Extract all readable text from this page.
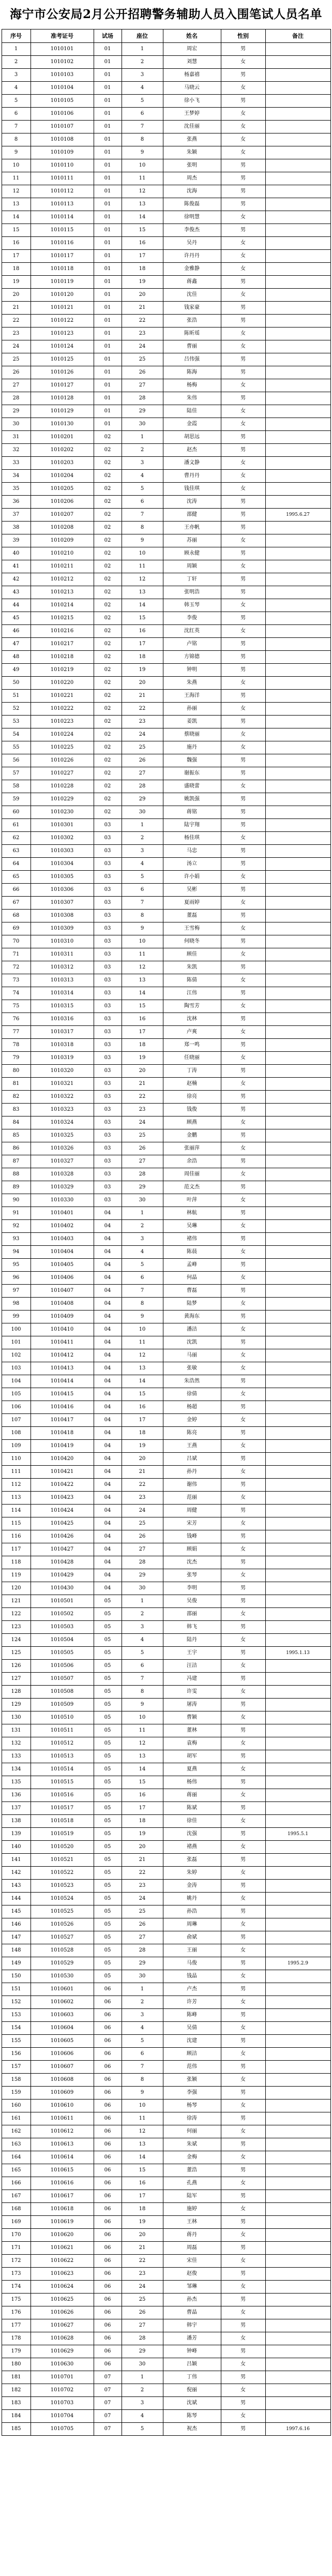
海宁市公安局2月公开招聘警务辅助人员入围笔试人员名单
序号	准考证号	试场	座位	姓名	性别	备注
1	1010101	01	1	周宏	男	
2	1010102	01	2	刘慧	女	
3	1010103	01	3	杨嘉禧	男	
4	1010104	01	4	马晓云	女	
5	1010105	01	5	徐小飞	男	
6	1010106	01	6	王梦婷	女	
7	1010107	01	7	沈佳丽	女	
8	1010108	01	8	张燕	女	
9	1010109	01	9	朱颖	女	
10	1010110	01	10	张明	男	
11	1010111	01	11	周杰	男	
12	1010112	01	12	沈海	男	
13	1010113	01	13	陈俊磊	男	
14	1010114	01	14	徐明慧	女	
15	1010115	01	15	李俊杰	男	
16	1010116	01	16	吴丹	女	
17	1010117	01	17	许丹丹	女	
18	1010118	01	18	金雅静	女	
19	1010119	01	19	蒋鑫	男	
20	1010120	01	20	沈佳	女	
21	1010121	01	21	钱家豪	男	
22	1010122	01	22	张浩	男	
23	1010123	01	23	陈昕瑶	女	
24	1010124	01	24	曹丽	女	
25	1010125	01	25	吕伟强	男	
26	1010126	01	26	陈海	男	
27	1010127	01	27	杨梅	女	
28	1010128	01	28	朱伟	男	
29	1010129	01	29	陆佳	女	
30	1010130	01	30	金霞	女	
31	1010201	02	1	胡思远	男	
32	1010202	02	2	赵杰	男	
33	1010203	02	3	潘文静	女	
34	1010204	02	4	曹丹丹	女	
35	1010205	02	5	钱佳琪	女	
36	1010206	02	6	沈涛	男	
37	1010207	02	7	邵健	男	1995.6.27
38	1010208	02	8	王亦帆	男	
39	1010209	02	9	苏丽	女	
40	1010210	02	10	顾永健	男	
41	1010211	02	11	周颖	女	
42	1010212	02	12	丁轩	男	
43	1010213	02	13	张明浩	男	
44	1010214	02	14	韩玉琴	女	
45	1010215	02	15	李俊	男	
46	1010216	02	16	沈红英	女	
47	1010217	02	17	卢铭	男	
48	1010218	02	18	方锦德	男	
49	1010219	02	19	钟明	男	
50	1010220	02	20	朱燕	女	
51	1010221	02	21	王海洋	男	
52	1010222	02	22	孙丽	女	
53	1010223	02	23	姜凯	男	
54	1010224	02	24	蔡晓丽	女	
55	1010225	02	25	施丹	女	
56	1010226	02	26	魏强	男	
57	1010227	02	27	谢振东	男	
58	1010228	02	28	盛晓蕾	女	
59	1010229	02	29	姚凯强	男	
60	1010230	02	30	蒋铭	男	
61	1010301	03	1	陆宇翔	男	
62	1010302	03	2	杨佳琪	女	
63	1010303	03	3	马忠	男	
64	1010304	03	4	汤立	男	
65	1010305	03	5	许小娟	女	
66	1010306	03	6	吴彬	男	
67	1010307	03	7	夏雨婷	女	
68	1010308	03	8	董磊	男	
69	1010309	03	9	王雪梅	女	
70	1010310	03	10	何晓冬	男	
71	1010311	03	11	顾佳	女	
72	1010312	03	12	朱凯	男	
73	1010313	03	13	陈倩	女	
74	1010314	03	14	江伟	男	
75	1010315	03	15	陶雪芳	女	
76	1010316	03	16	沈林	男	
77	1010317	03	17	卢爽	女	
78	1010318	03	18	郑一鸣	男	
79	1010319	03	19	任晓丽	女	
80	1010320	03	20	丁涛	男	
81	1010321	03	21	赵楠	女	
82	1010322	03	22	徐亮	男	
83	1010323	03	23	钱俊	男	
84	1010324	03	24	顾燕	女	
85	1010325	03	25	金鹏	男	
86	1010326	03	26	张丽萍	女	
87	1010327	03	27	余浩	男	
88	1010328	03	28	周佳丽	女	
89	1010329	03	29	范文杰	男	
90	1010330	03	30	叶萍	女	
91	1010401	04	1	林航	男	
92	1010402	04	2	吴琳	女	
93	1010403	04	3	褚伟	男	
94	1010404	04	4	陈晨	女	
95	1010405	04	5	孟峰	男	
96	1010406	04	6	何晶	女	
97	1010407	04	7	曹磊	男	
98	1010408	04	8	陆梦	女	
99	1010409	04	9	黄海东	男	
100	1010410	04	10	潘洁	女	
101	1010411	04	11	沈凯	男	
102	1010412	04	12	马丽	女	
103	1010413	04	13	张敏	女	
104	1010414	04	14	朱浩然	男	
105	1010415	04	15	徐倩	女	
106	1010416	04	16	杨超	男	
107	1010417	04	17	金婷	女	
108	1010418	04	18	陈亮	男	
109	1010419	04	19	王燕	女	
110	1010420	04	20	吕斌	男	
111	1010421	04	21	孙丹	女	
112	1010422	04	22	谢伟	男	
113	1010423	04	23	范丽	女	
114	1010424	04	24	周健	男	
115	1010425	04	25	宋芳	女	
116	1010426	04	26	钱峰	男	
117	1010427	04	27	顾娟	女	
118	1010428	04	28	沈杰	男	
119	1010429	04	29	张琴	女	
120	1010430	04	30	李明	男	
121	1010501	05	1	吴俊	男	
122	1010502	05	2	邵丽	女	
123	1010503	05	3	韩飞	男	
124	1010504	05	4	陆丹	女	
125	1010505	05	5	王宇	男	1995.1.13
126	1010506	05	6	汪洁	女	
127	1010507	05	7	冯建	男	
128	1010508	05	8	许雯	女	
129	1010509	05	9	屠涛	男	
130	1010510	05	10	曹颖	女	
131	1010511	05	11	董林	男	
132	1010512	05	12	袁梅	女	
133	1010513	05	13	胡军	男	
134	1010514	05	14	夏燕	女	
135	1010515	05	15	杨伟	男	
136	1010516	05	16	蒋丽	女	
137	1010517	05	17	陈斌	男	
138	1010518	05	18	徐佳	女	
139	1010519	05	19	沈强	男	1995.5.1
140	1010520	05	20	褚燕	女	
141	1010521	05	21	张磊	男	
142	1010522	05	22	朱婷	女	
143	1010523	05	23	金涛	男	
144	1010524	05	24	姚丹	女	
145	1010525	05	25	孙浩	男	
146	1010526	05	26	周琳	女	
147	1010527	05	27	俞斌	男	
148	1010528	05	28	王丽	女	
149	1010529	05	29	马俊	男	1995.2.9
150	1010530	05	30	钱晶	女	
151	1010601	06	1	卢杰	男	
152	1010602	06	2	许芳	女	
153	1010603	06	3	陈峰	男	
154	1010604	06	4	吴倩	女	
155	1010605	06	5	沈建	男	
156	1010606	06	6	顾洁	女	
157	1010607	06	7	范伟	男	
158	1010608	06	8	张颖	女	
159	1010609	06	9	李强	男	
160	1010610	06	10	杨琴	女	
161	1010611	06	11	徐涛	男	
162	1010612	06	12	何丽	女	
163	1010613	06	13	朱斌	男	
164	1010614	06	14	金梅	女	
165	1010615	06	15	董浩	男	
166	1010616	06	16	孔燕	女	
167	1010617	06	17	陆军	男	
168	1010618	06	18	施婷	女	
169	1010619	06	19	王林	男	
170	1010620	06	20	蒋丹	女	
171	1010621	06	21	周磊	男	
172	1010622	06	22	宋佳	女	
173	1010623	06	23	赵俊	男	
174	1010624	06	24	邹琳	女	
175	1010625	06	25	孙杰	男	
176	1010626	06	26	曹晶	女	
177	1010627	06	27	韩宇	男	
178	1010628	06	28	潘芳	女	
179	1010629	06	29	钟峰	男	
180	1010630	06	30	吕颖	女	
181	1010701	07	1	丁伟	男	
182	1010702	07	2	倪丽	女	
183	1010703	07	3	沈斌	男	
184	1010704	07	4	陈琴	女	
185	1010705	07	5	祝杰	男	1997.6.16
